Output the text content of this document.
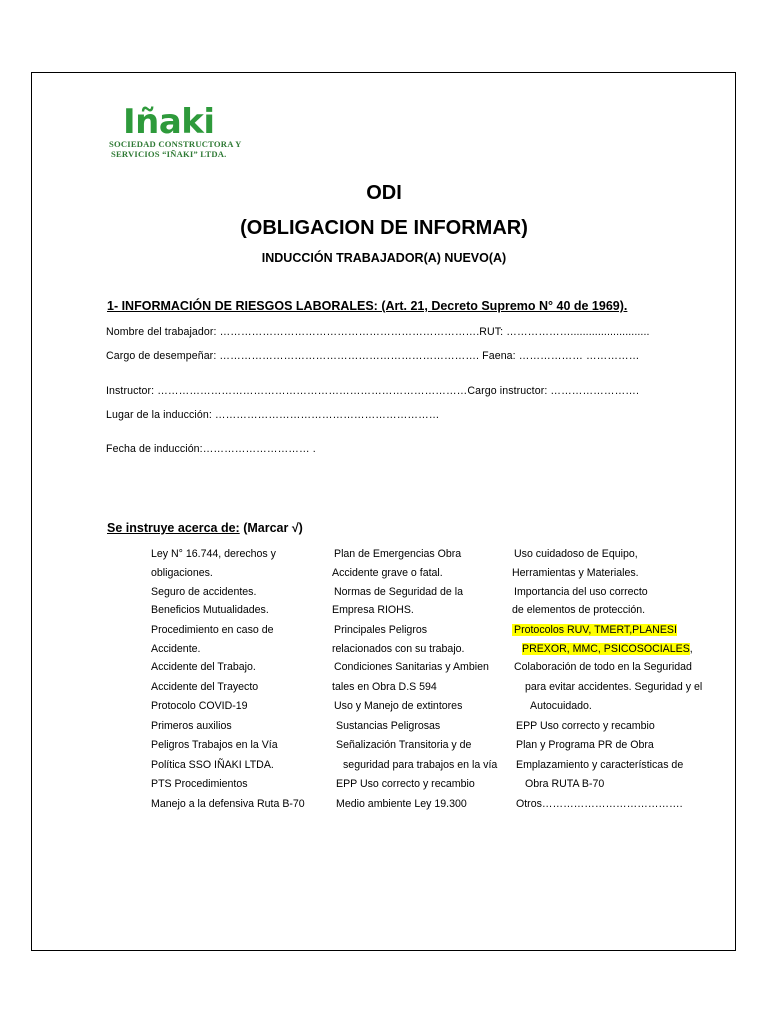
Iñaki
SOCIEDAD CONSTRUCTORA Y
SERVICIOS “IÑAKI” LTDA.
ODI
(OBLIGACION DE INFORMAR)
INDUCCIÓN TRABAJADOR(A) NUEVO(A)
1- INFORMACIÓN DE RIESGOS LABORALES: (Art. 21, Decreto Supremo N° 40 de 1969).
Nombre del trabajador: ……………………………………………………………….RUT: ………………..........................
Cargo de desempeñar: ………………………………………………………………. Faena: ……………… ……………
Instructor: ……………………………………………………………………………Cargo instructor: …………………….
Lugar de la inducción: ………………………………………………………
Fecha de inducción:………………………… .
Se instruye acerca de: (Marcar √)
Ley N° 16.744, derechos y
obligaciones.
Seguro de accidentes.
Beneficios Mutualidades.
Procedimiento en caso de
Accidente.
Accidente del Trabajo.
Accidente del Trayecto
Protocolo COVID-19
Primeros auxilios
Peligros Trabajos en la Vía
Política SSO IÑAKI LTDA.
PTS Procedimientos
Manejo a la defensiva Ruta B-70
Plan de Emergencias Obra
Accidente grave o fatal.
Normas de Seguridad de la
Empresa RIOHS.
Principales Peligros
relacionados con su trabajo.
Condiciones Sanitarias y Ambien
tales en Obra D.S 594
Uso y Manejo de extintores
Sustancias Peligrosas
Señalización Transitoria y de
seguridad para trabajos en la vía
EPP Uso correcto y recambio
Medio ambiente Ley 19.300
Uso cuidadoso de Equipo,
Herramientas y Materiales.
Importancia del uso correcto
de elementos de protección.
Protocolos RUV, TMERT,PLANESI
PREXOR, MMC, PSICOSOCIALES,
Colaboración de todo en la Seguridad
para evitar accidentes. Seguridad y el
Autocuidado.
EPP Uso correcto y recambio
Plan y Programa PR de Obra
Emplazamiento y características de
Obra RUTA B-70
Otros………………………………….
